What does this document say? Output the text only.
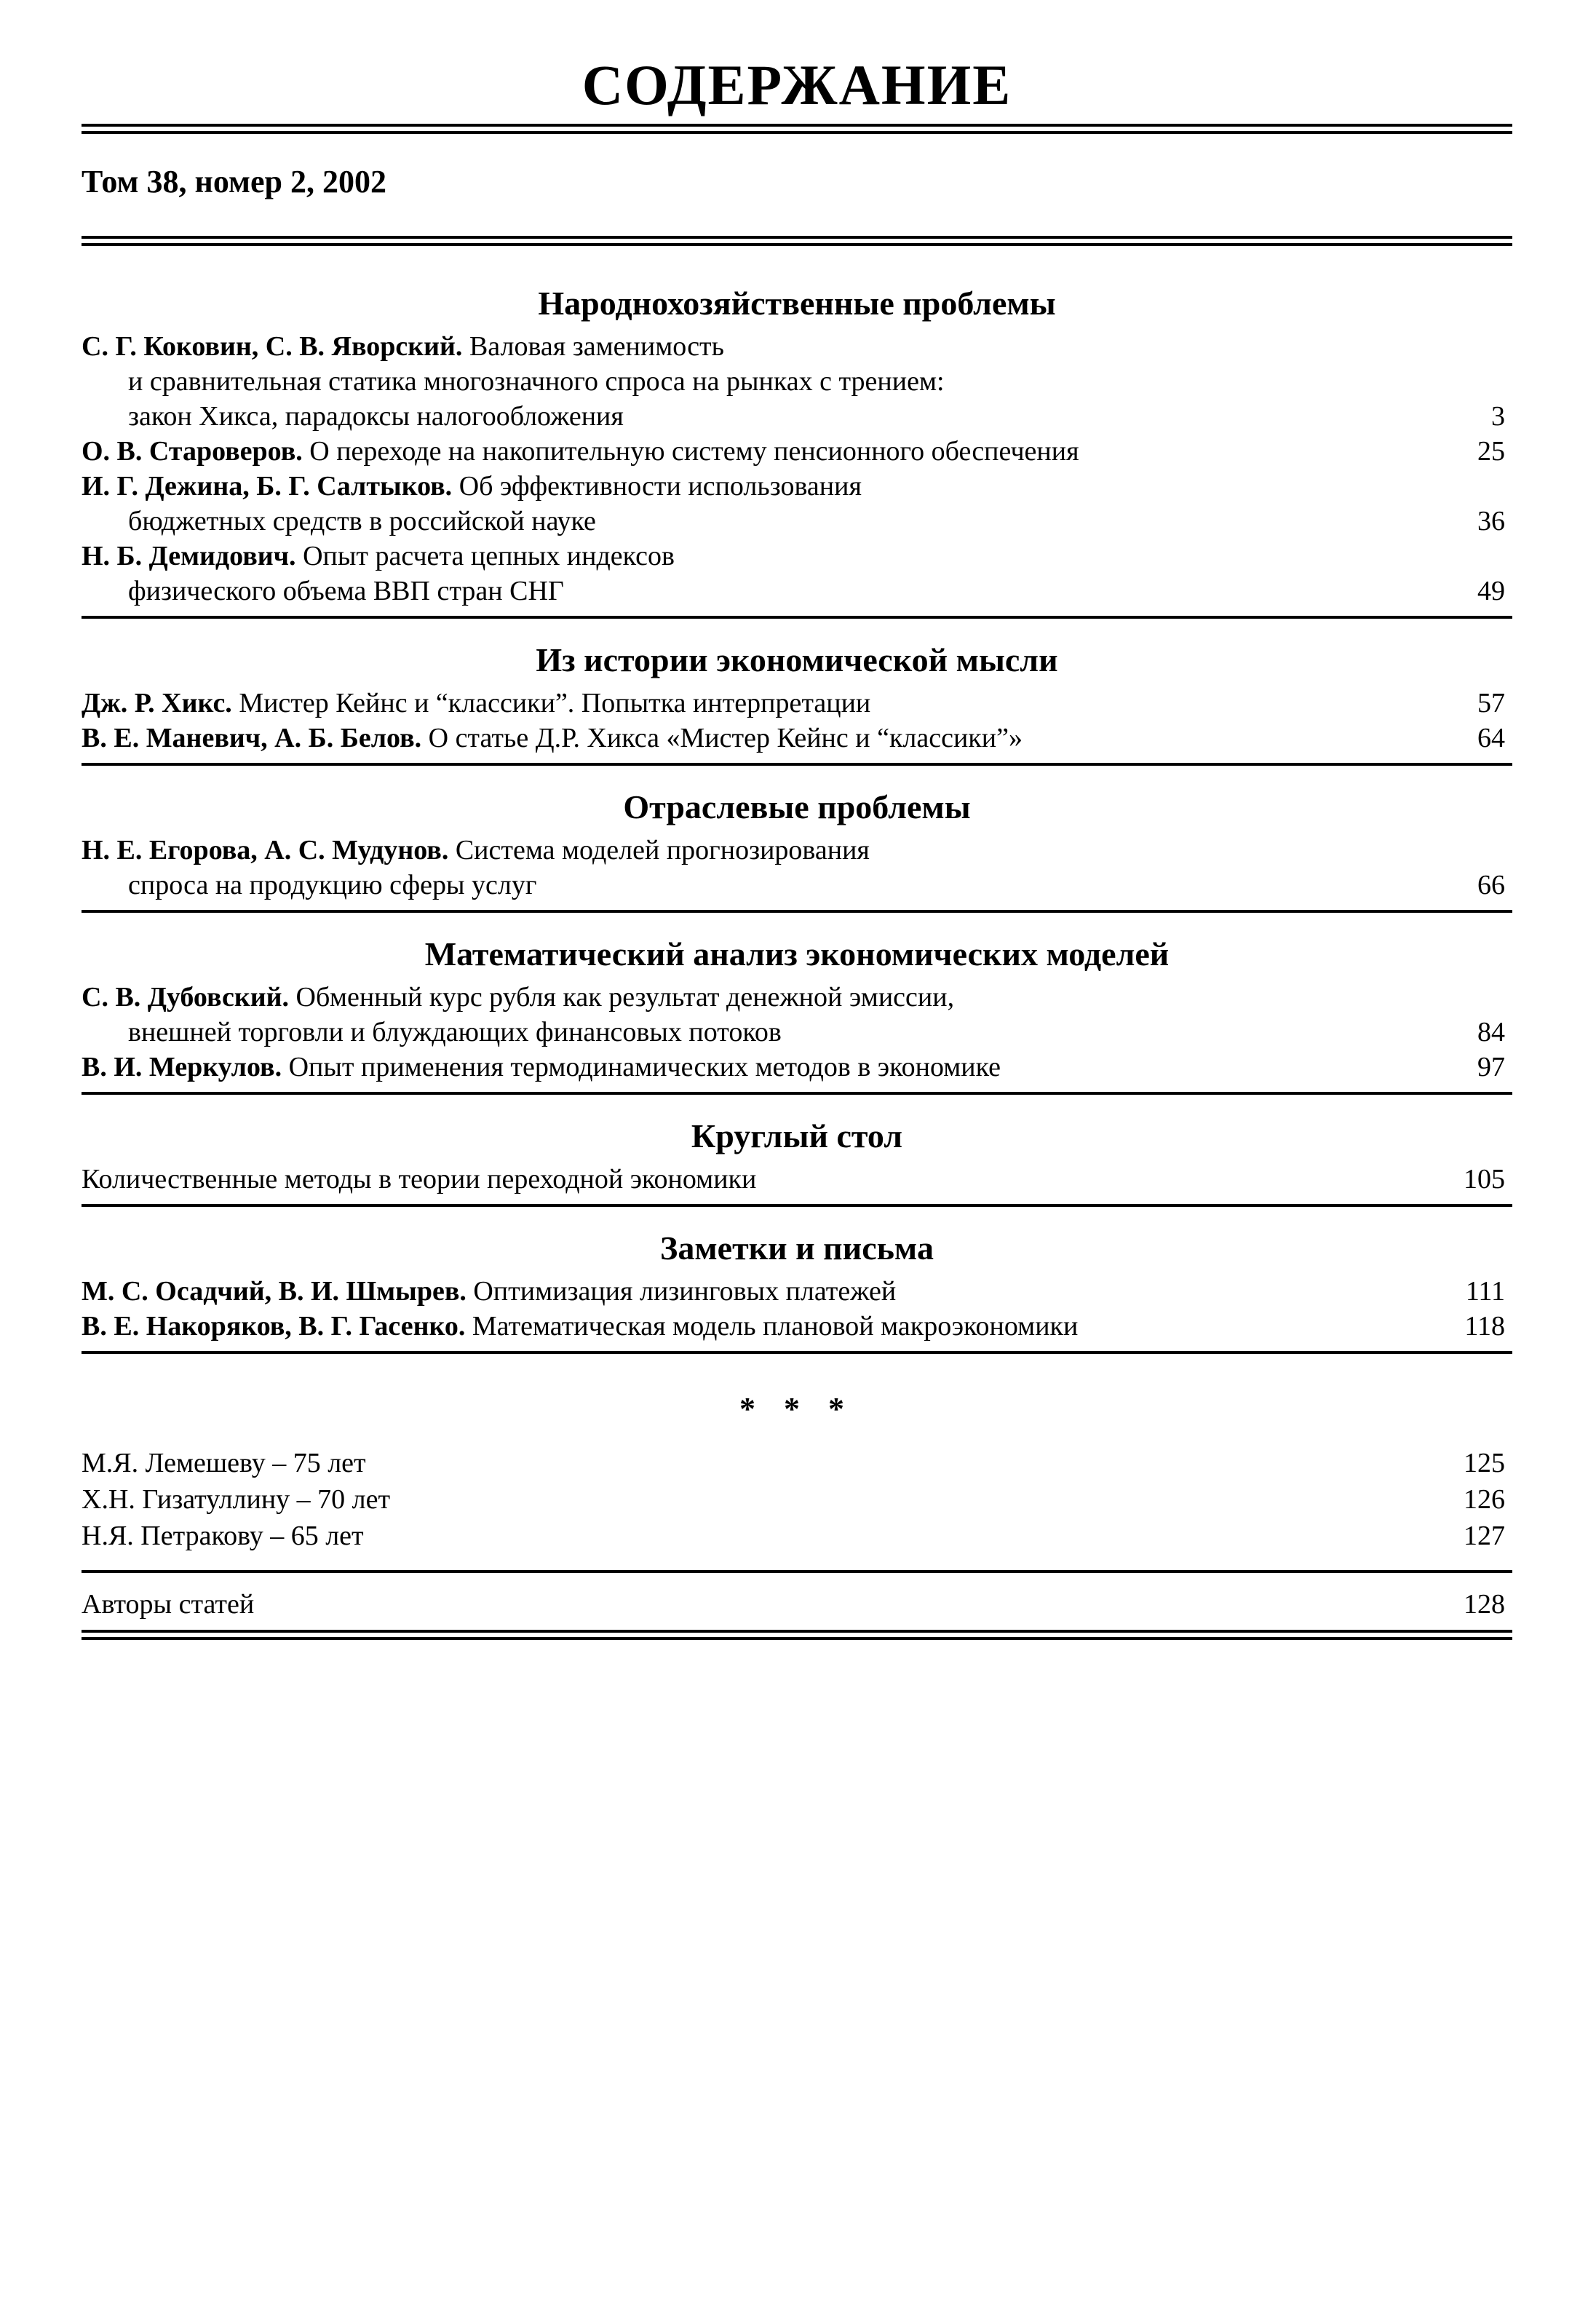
СОДЕРЖАНИЕ
Том 38, номер 2, 2002
Народнохозяйственные проблемы
С. Г. Коковин, С. В. Яворский. Валовая заменимость
и сравнительная статика многозначного спроса на рынках с трением:
закон Хикса, парадоксы налогообложения	3
О. В. Староверов. О переходе на накопительную систему пенсионного обеспечения	25
И. Г. Дежина, Б. Г. Салтыков. Об эффективности использования
бюджетных средств в российской науке	36
Н. Б. Демидович. Опыт расчета цепных индексов
физического объема ВВП стран СНГ	49
Из истории экономической мысли
Дж. Р. Хикс. Мистер Кейнс и “классики”. Попытка интерпретации	57
В. Е. Маневич, А. Б. Белов. О статье Д.Р. Хикса «Мистер Кейнс и “классики”»	64
Отраслевые проблемы
Н. Е. Егорова, А. С. Мудунов. Система моделей прогнозирования
спроса на продукцию сферы услуг	66
Математический анализ экономических моделей
С. В. Дубовский. Обменный курс рубля как результат денежной эмиссии,
внешней торговли и блуждающих финансовых потоков	84
В. И. Меркулов. Опыт применения термодинамических методов в экономике	97
Круглый стол
Количественные методы в теории переходной экономики	105
Заметки и письма
М. С. Осадчий, В. И. Шмырев. Оптимизация лизинговых платежей	111
В. Е. Накоряков, В. Г. Гасенко. Математическая модель плановой макроэкономики	118
* * *
М.Я. Лемешеву – 75 лет	125
Х.Н. Гизатуллину – 70 лет	126
Н.Я. Петракову – 65 лет	127
Авторы статей	128
